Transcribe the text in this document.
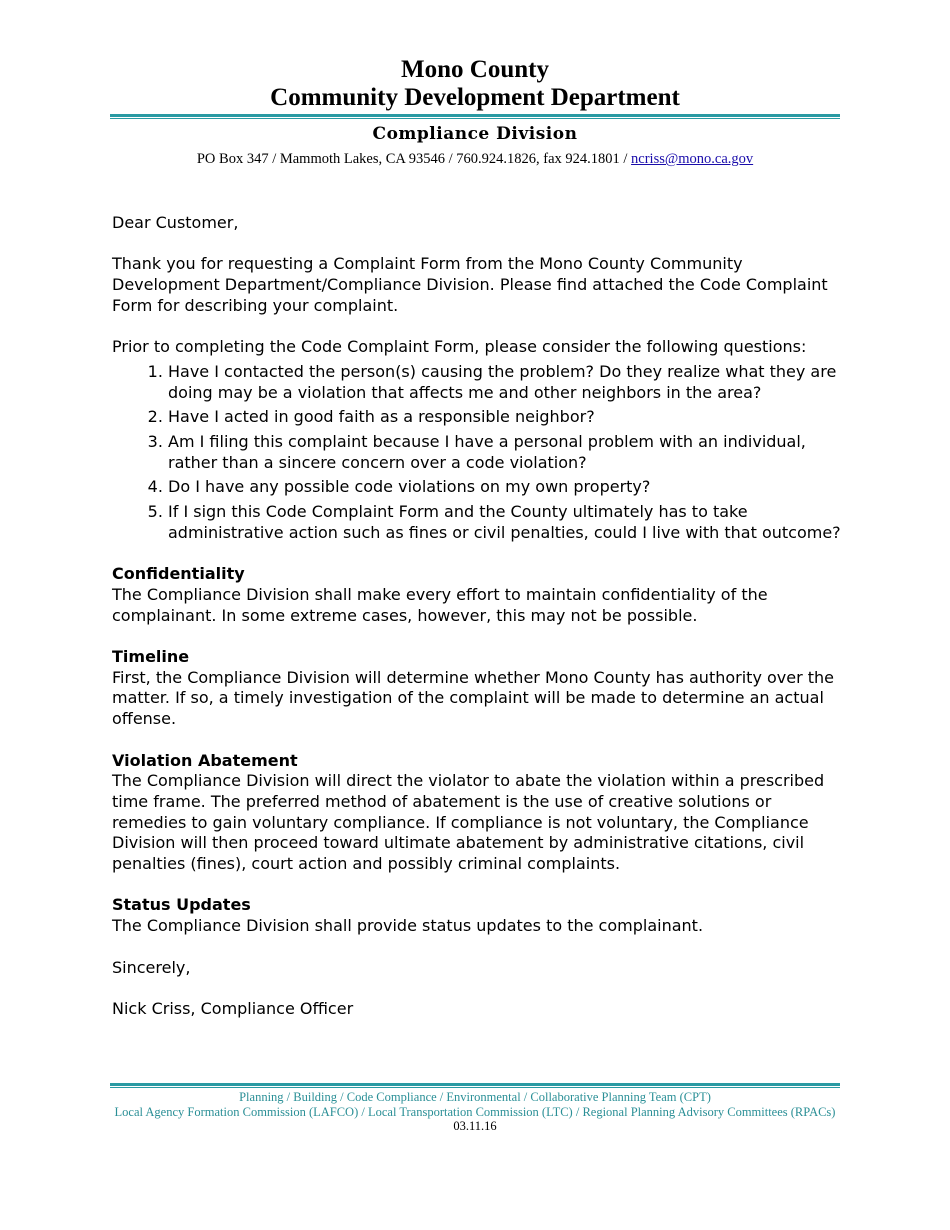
Mono County
Community Development Department
Compliance Division
PO Box 347 / Mammoth Lakes, CA 93546 / 760.924.1826, fax 924.1801 / ncriss@mono.ca.gov

Dear Customer,

Thank you for requesting a Complaint Form from the Mono County Community Development Department/Compliance Division. Please find attached the Code Complaint Form for describing your complaint.

Prior to completing the Code Complaint Form, please consider the following questions:

1. Have I contacted the person(s) causing the problem? Do they realize what they are doing may be a violation that affects me and other neighbors in the area?
2. Have I acted in good faith as a responsible neighbor?
3. Am I filing this complaint because I have a personal problem with an individual, rather than a sincere concern over a code violation?
4. Do I have any possible code violations on my own property?
5. If I sign this Code Complaint Form and the County ultimately has to take administrative action such as fines or civil penalties, could I live with that outcome?
Confidentiality

The Compliance Division shall make every effort to maintain confidentiality of the complainant. In some extreme cases, however, this may not be possible.

Timeline

First, the Compliance Division will determine whether Mono County has authority over the matter. If so, a timely investigation of the complaint will be made to determine an actual offense.

Violation Abatement

The Compliance Division will direct the violator to abate the violation within a prescribed time frame. The preferred method of abatement is the use of creative solutions or remedies to gain voluntary compliance. If compliance is not voluntary, the Compliance Division will then proceed toward ultimate abatement by administrative citations, civil penalties (fines), court action and possibly criminal complaints.

Status Updates

The Compliance Division shall provide status updates to the complainant.

Sincerely,

Nick Criss, Compliance Officer

Planning / Building / Code Compliance / Environmental / Collaborative Planning Team (CPT)
Local Agency Formation Commission (LAFCO) / Local Transportation Commission (LTC) / Regional Planning Advisory Committees (RPACs)
03.11.16
